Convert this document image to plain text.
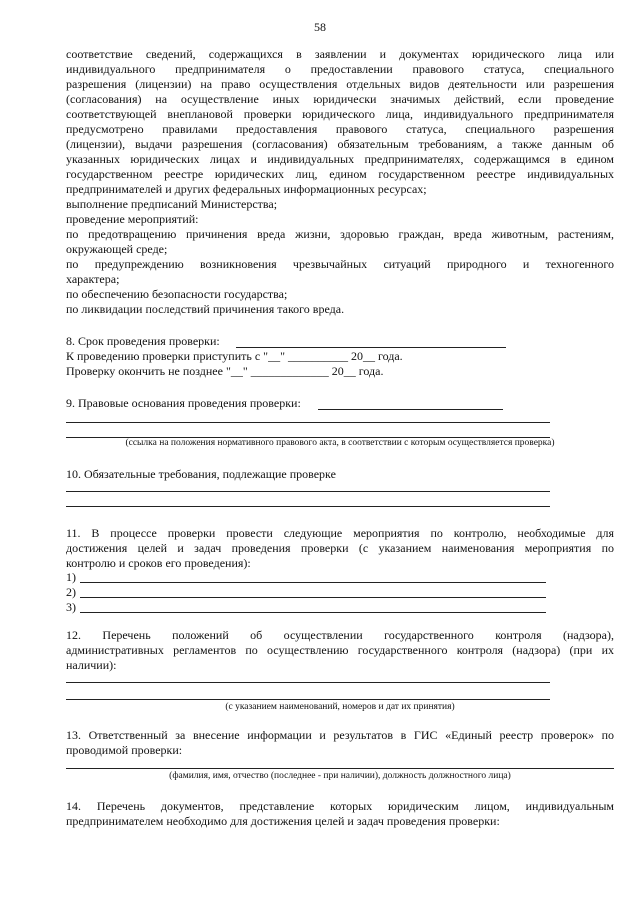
58

соответствие сведений, содержащихся в заявлении и документах юридического лица или

индивидуального предпринимателя о предоставлении правового статуса, специального

разрешения (лицензии) на право осуществления отдельных видов деятельности или разрешения

(согласования) на осуществление иных юридически значимых действий, если проведение

соответствующей внеплановой проверки юридического лица, индивидуального предпринимателя

предусмотрено правилами предоставления правового статуса, специального разрешения

(лицензии), выдачи разрешения (согласования) обязательным требованиям, а также данным об

указанных юридических лицах и индивидуальных предпринимателях, содержащимся в едином

государственном реестре юридических лиц, едином государственном реестре индивидуальных

предпринимателей и других федеральных информационных ресурсах;

выполнение предписаний Министерства;

проведение мероприятий:

по предотвращению причинения вреда жизни, здоровью граждан, вреда животным, растениям,

окружающей среде;

по предупреждению возникновения чрезвычайных ситуаций природного и техногенного

характера;

по обеспечению безопасности государства;

по ликвидации последствий причинения такого вреда.

8. Срок проведения проверки:
К проведению проверки приступить с "__" __________ 20__ года.
Проверку окончить не позднее "__" _____________ 20__ года.
9. Правовые основания проведения проверки:
(ссылка на положения нормативного правового акта, в соответствии с которым осуществляется проверка)
10. Обязательные требования, подлежащие проверке

11. В процессе проверки провести следующие мероприятия по контролю, необходимые для

достижения целей и задач проведения проверки (с указанием наименования мероприятия по

контролю и сроков его проведения):

1)
2)
3)

12. Перечень положений об осуществлении государственного контроля (надзора),

административных регламентов по осуществлению государственного контроля (надзора) (при их

наличии):

(с указанием наименований, номеров и дат их принятия)

13. Ответственный за внесение информации и результатов в ГИС «Единый реестр проверок» по

проводимой проверки:

(фамилия, имя, отчество (последнее - при наличии), должность должностного лица)

14. Перечень документов, представление которых юридическим лицом, индивидуальным

предпринимателем необходимо для достижения целей и задач проведения проверки:
